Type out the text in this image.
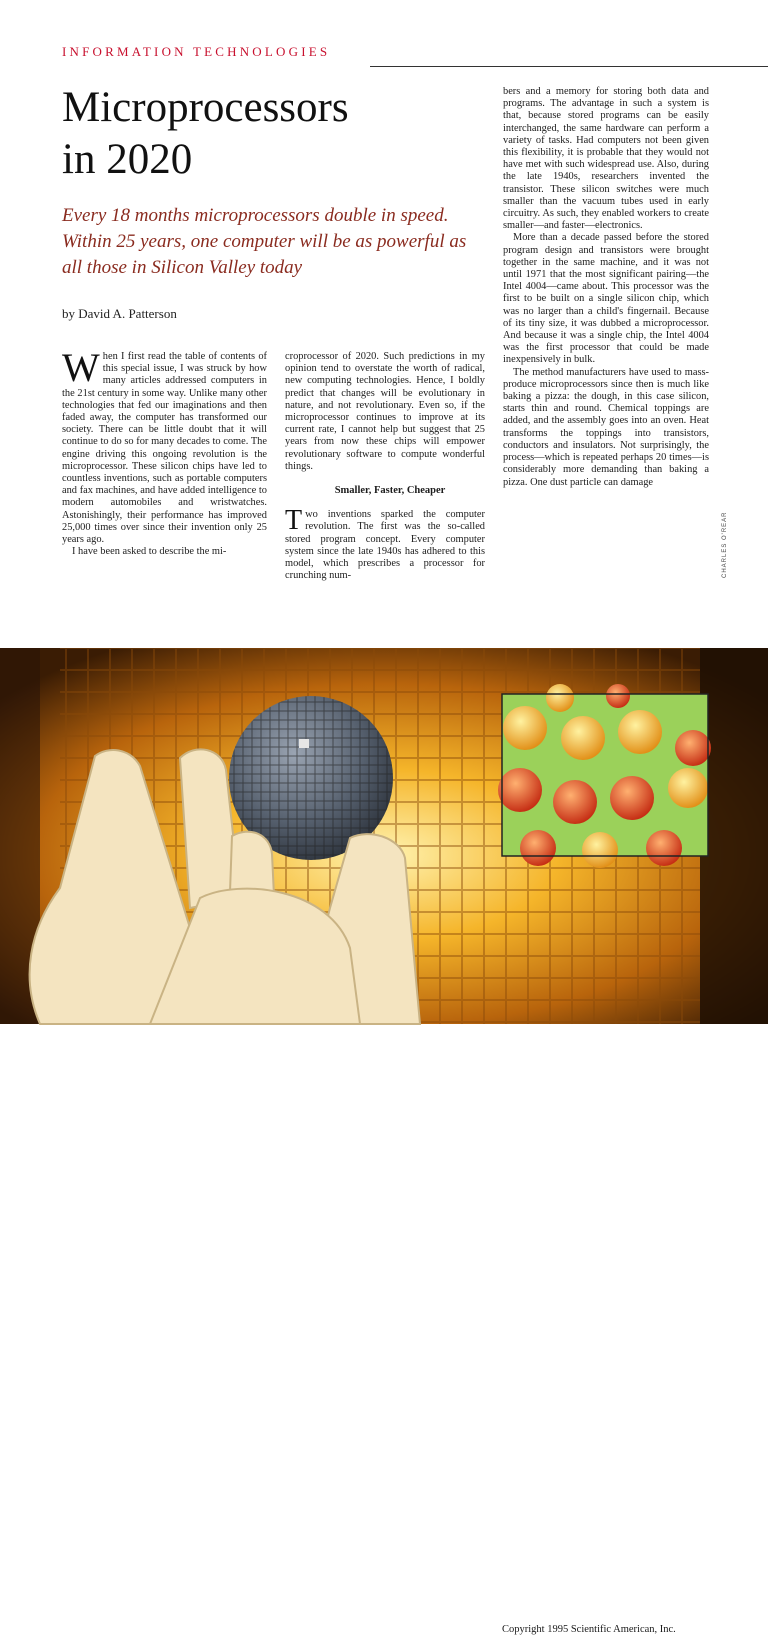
INFORMATION TECHNOLOGIES
Microprocessors
in 2020
Every 18 months microprocessors double in speed. Within 25 years, one computer will be as powerful as all those in Silicon Valley today
by David A. Patterson

When I first read the table of contents of this special issue, I was struck by how many articles addressed computers in the 21st century in some way. Unlike many other technologies that fed our imaginations and then faded away, the computer has transformed our society. There can be little doubt that it will continue to do so for many decades to come. The engine driving this ongoing revolution is the microprocessor. These silicon chips have led to countless inventions, such as portable computers and fax machines, and have added intelligence to modern automobiles and wristwatches. Astonishingly, their performance has improved 25,000 times over since their invention only 25 years ago.

I have been asked to describe the mi-

croprocessor of 2020. Such predictions in my opinion tend to overstate the worth of radical, new computing technologies. Hence, I boldly predict that changes will be evolutionary in nature, and not revolutionary. Even so, if the microprocessor continues to improve at its current rate, I cannot help but suggest that 25 years from now these chips will empower revolutionary software to compute wonderful things.

Smaller, Faster, Cheaper

Two inventions sparked the computer revolution. The first was the so-called stored program concept. Every computer system since the late 1940s has adhered to this model, which prescribes a processor for crunching num-

bers and a memory for storing both data and programs. The advantage in such a system is that, because stored programs can be easily interchanged, the same hardware can perform a variety of tasks. Had computers not been given this flexibility, it is probable that they would not have met with such widespread use. Also, during the late 1940s, researchers invented the transistor. These silicon switches were much smaller than the vacuum tubes used in early circuitry. As such, they enabled workers to create smaller—and faster—electronics.

More than a decade passed before the stored program design and transistors were brought together in the same machine, and it was not until 1971 that the most significant pairing—the Intel 4004—came about. This processor was the first to be built on a single silicon chip, which was no larger than a child's fingernail. Because of its tiny size, it was dubbed a microprocessor. And because it was a single chip, the Intel 4004 was the first processor that could be made inexpensively in bulk.

The method manufacturers have used to mass-produce microprocessors since then is much like baking a pizza: the dough, in this case silicon, starts thin and round. Chemical toppings are added, and the assembly goes into an oven. Heat transforms the toppings into transistors, conductors and insulators. Not surprisingly, the process—which is repeated perhaps 20 times—is considerably more demanding than baking a pizza. One dust particle can damage

CHARLES O'REAR
Copyright 1995 Scientific American, Inc.
